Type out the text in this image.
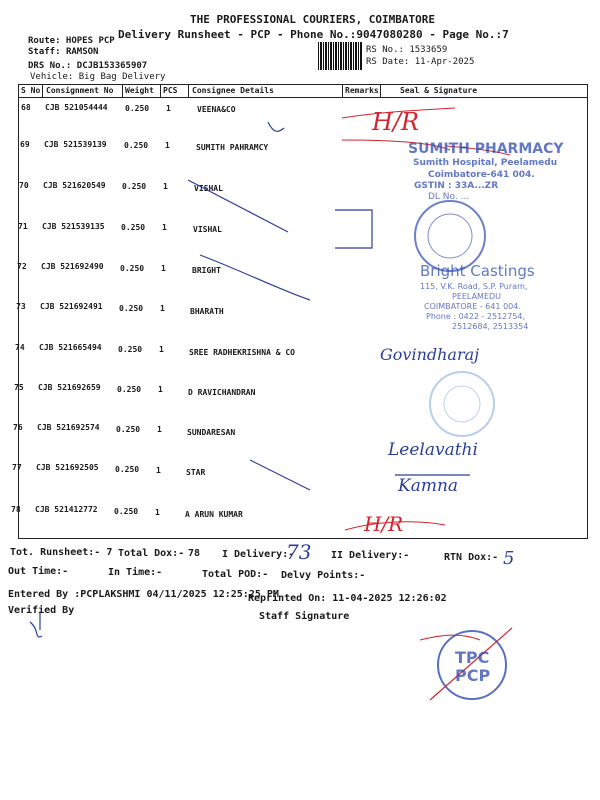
THE PROFESSIONAL COURIERS, COIMBATORE
Delivery Runsheet - PCP - Phone No.:9047080280 - Page No.:7
Route: HOPES PCP
Staff: RAMSON	RS No.: 1533659
RS Date: 11-Apr-2025
DRS No.: DCJB153365907
Vehicle: Big Bag Delivery
S No Consignment No Weight PCS Consignee Details	Remarks	Seal & Signature
68 CJB 521054444 0.250 1	VEENA&CO
69 CJB 521539139 0.250 1	SUMITH PAHRAMCY
70 CJB 521620549 0.250 1	VISHAL
71 CJB 521539135 0.250 1	VISHAL
72 CJB 521692490 0.250 1	BRIGHT
73 CJB 521692491 0.250 1	BHARATH
74 CJB 521665494 0.250 1	SREE RADHEKRISHNA & CO
75 CJB 521692659 0.250 1	D RAVICHANDRAN
76 CJB 521692574 0.250 1	SUNDARESAN
77 CJB 521692505 0.250 1	STAR
78 CJB 521412772 0.250 1	A ARUN KUMAR
SUMITH PHARMACY
Sumith Hospital, Peelamedu
Coimbatore-641 004.
GSTIN : 33A...ZR
DL No. ...
Bright Castings
115, V.K. Road, S.P. Puram,
PEELAMEDU
COIMBATORE - 641 004.
Phone : 0422 - 2512754,
2512684, 2513354
TPC
PCP
H/R
Govindharaj
Leelavathi
Kamna
H/R
Tot. Runsheet:- 7 Total Dox:- 78 I Delivery:-
73 II Delivery:-	RTN Dox:- 5
Out Time:-	In Time:-	Total POD:- Delvy Points:-
Entered By :PCPLAKSHMI 04/11/2025 12:25:25 PM
Reprinted On: 11-04-2025 12:26:02
Verified By
Staff Signature
